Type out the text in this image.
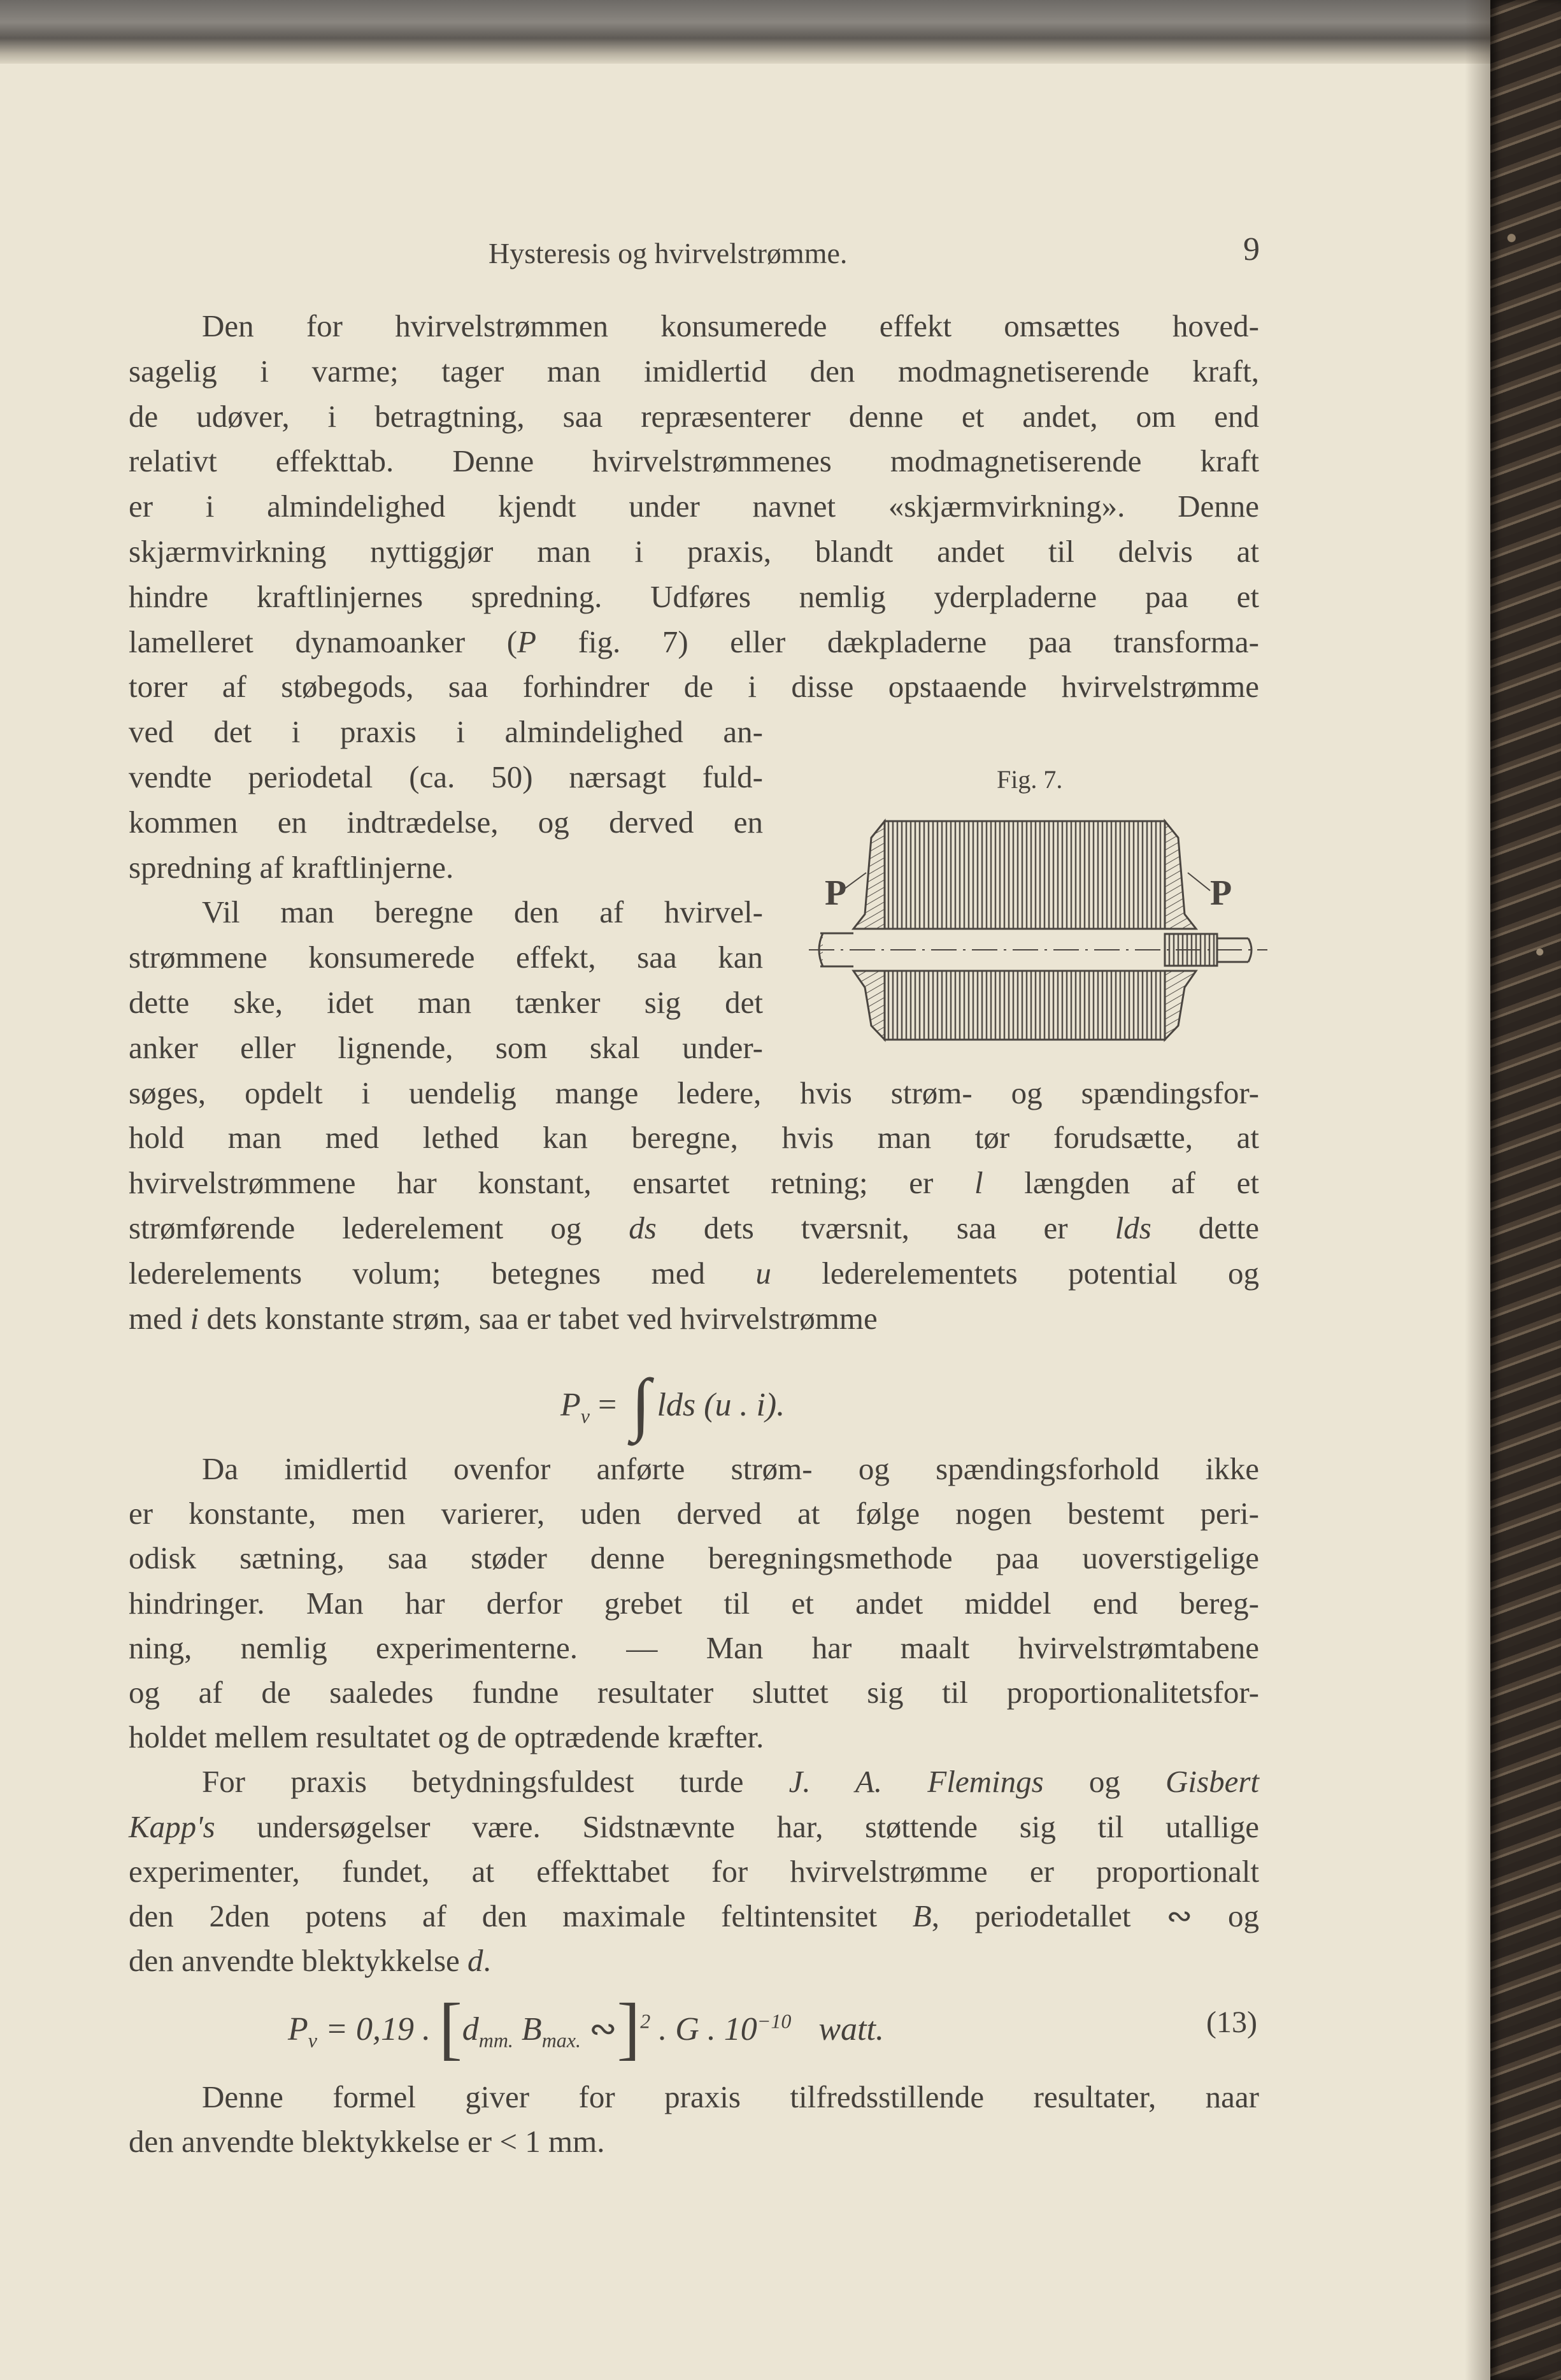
Hysteresis og hvirvelstrømme.	9
Den for hvirvelstrømmen konsumerede effekt omsættes hoved-
sagelig i varme; tager man imidlertid den modmagnetiserende kraft,
de udøver, i betragtning, saa repræsenterer denne et andet, om end
relativt effekttab. Denne hvirvelstrømmenes modmagnetiserende kraft
er i almindelighed kjendt under navnet «skjærmvirkning». Denne
skjærmvirkning nyttiggjør man i praxis, blandt andet til delvis at
hindre kraftlinjernes spredning. Udføres nemlig yderpladerne paa et
lamelleret dynamoanker (P fig. 7) eller dækpladerne paa transforma-
torer af støbegods, saa forhindrer de i disse opstaaende hvirvelstrømme
ved det i praxis i almindelighed an-
vendte periodetal (ca. 50) nærsagt fuld-
kommen en indtrædelse, og derved en
spredning af kraftlinjerne.
Vil man beregne den af hvirvel-
strømmene konsumerede effekt, saa kan
dette ske, idet man tænker sig det
anker eller lignende, som skal under-
søges, opdelt i uendelig mange ledere, hvis strøm- og spændingsfor-
hold man med lethed kan beregne, hvis man tør forudsætte, at
hvirvelstrømmene har konstant, ensartet retning; er l længden af et
strømførende lederelement og ds dets tværsnit, saa er lds dette
lederelements volum; betegnes med u lederelementets potential og
med i dets konstante strøm, saa er tabet ved hvirvelstrømme
$P_v$ = ∫ lds (u . i).
Da imidlertid ovenfor anførte strøm- og spændingsforhold ikke
er konstante, men varierer, uden derved at følge nogen bestemt peri-
odisk sætning, saa støder denne beregningsmethode paa uoverstigelige
hindringer. Man har derfor grebet til et andet middel end bereg-
ning, nemlig experimenterne. — Man har maalt hvirvelstrømtabene
og af de saaledes fundne resultater sluttet sig til proportionalitetsfor-
holdet mellem resultatet og de optrædende kræfter.
For praxis betydningsfuldest turde J. A. Flemings og Gisbert
Kapp's undersøgelser være. Sidstnævnte har, støttende sig til utallige
experimenter, fundet, at effekttabet for hvirvelstrømme er proportionalt
den 2den potens af den maximale feltintensitet B, periodetallet ∾ og
den anvendte blektykkelse d.
$P_v = 0,19$ . [$d_{mm.}$ $B_{max.}$ ∾]$^2$ . G . $10^{-10}$ watt.	(13)
Denne formel giver for praxis tilfredsstillende resultater, naar
den anvendte blektykkelse er < 1 mm.
Fig. 7.
P	P
